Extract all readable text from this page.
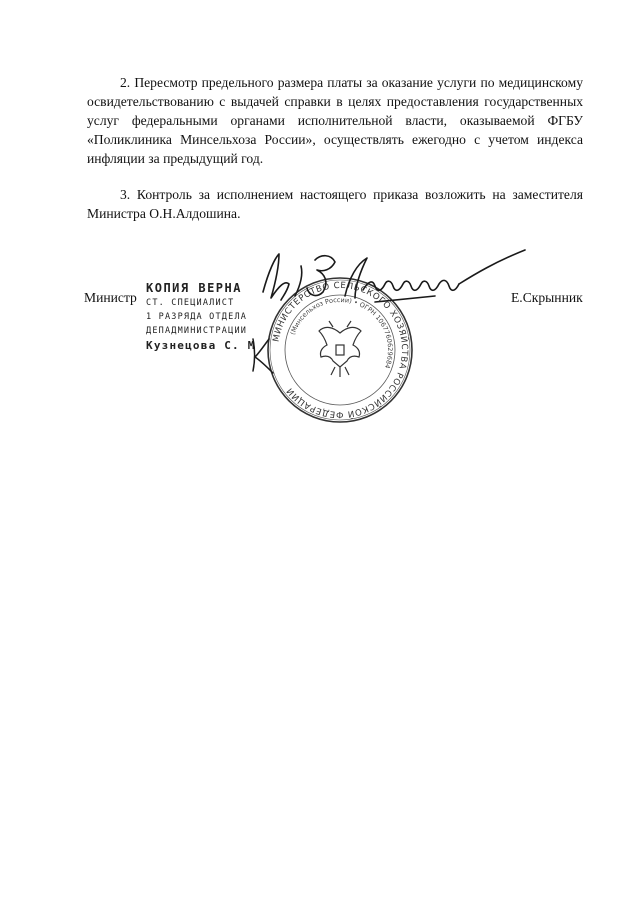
2. Пересмотр предельного размера платы за оказание услуги по медицинскому освидетельствованию с выдачей справки в целях предоставления государственных услуг федеральными органами исполнительной власти, оказываемой ФГБУ «Поликлиника Минсельхоза России», осуществлять ежегодно с учетом индекса инфляции за предыдущий год.

3. Контроль за исполнением настоящего приказа возложить на заместителя Министра О.Н.Алдошина.

Министр
КОПИЯ ВЕРНА
СТ. СПЕЦИАЛИСТ
1 РАЗРЯДА ОТДЕЛА
ДЕПАДМИНИСТРАЦИИ
Кузнецова С. М
МИНИСТЕРСТВО СЕЛЬСКОГО ХОЗЯЙСТВА РОССИЙСКОЙ ФЕДЕРАЦИИ
(Минсельхоз России) • ОГРН 1067760629684
Е.Скрынник
